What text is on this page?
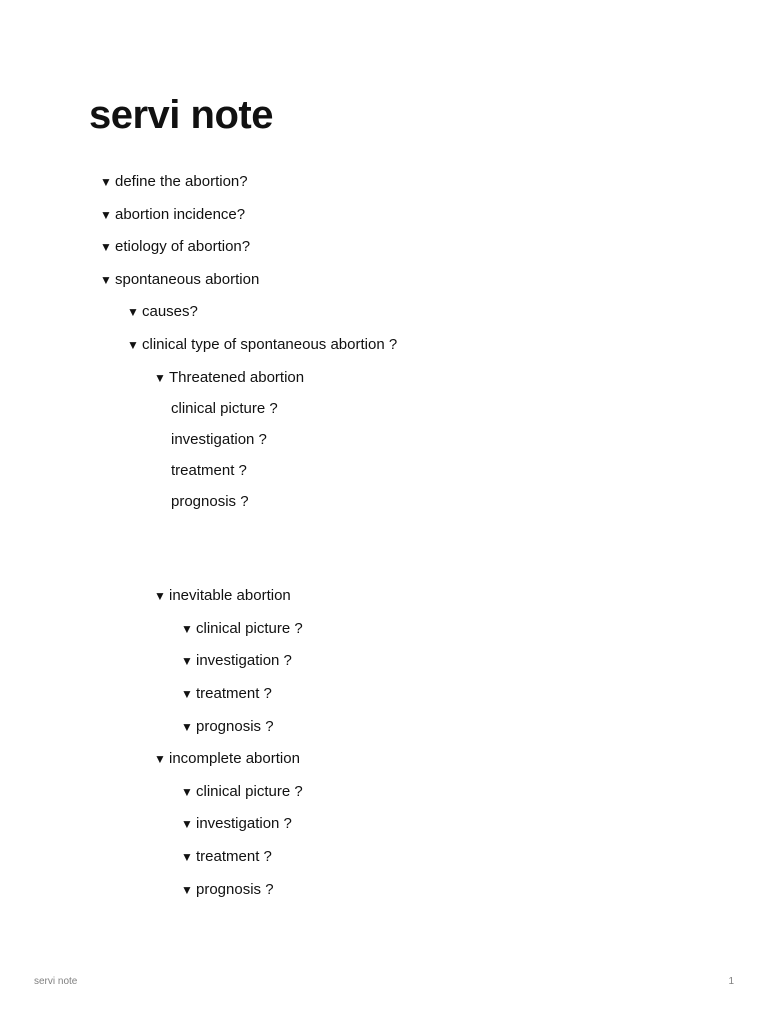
servi note
▼ define the abortion?
▼ abortion incidence?
▼ etiology of abortion?
▼ spontaneous abortion
▼ causes?
▼ clinical type of spontaneous abortion ?
▼ Threatened abortion
clinical picture ?
investigation ?
treatment ?
prognosis ?
▼ inevitable abortion
▼ clinical picture ?
▼ investigation ?
▼ treatment ?
▼ prognosis ?
▼ incomplete abortion
▼ clinical picture ?
▼ investigation ?
▼ treatment ?
▼ prognosis ?
servi note	1
